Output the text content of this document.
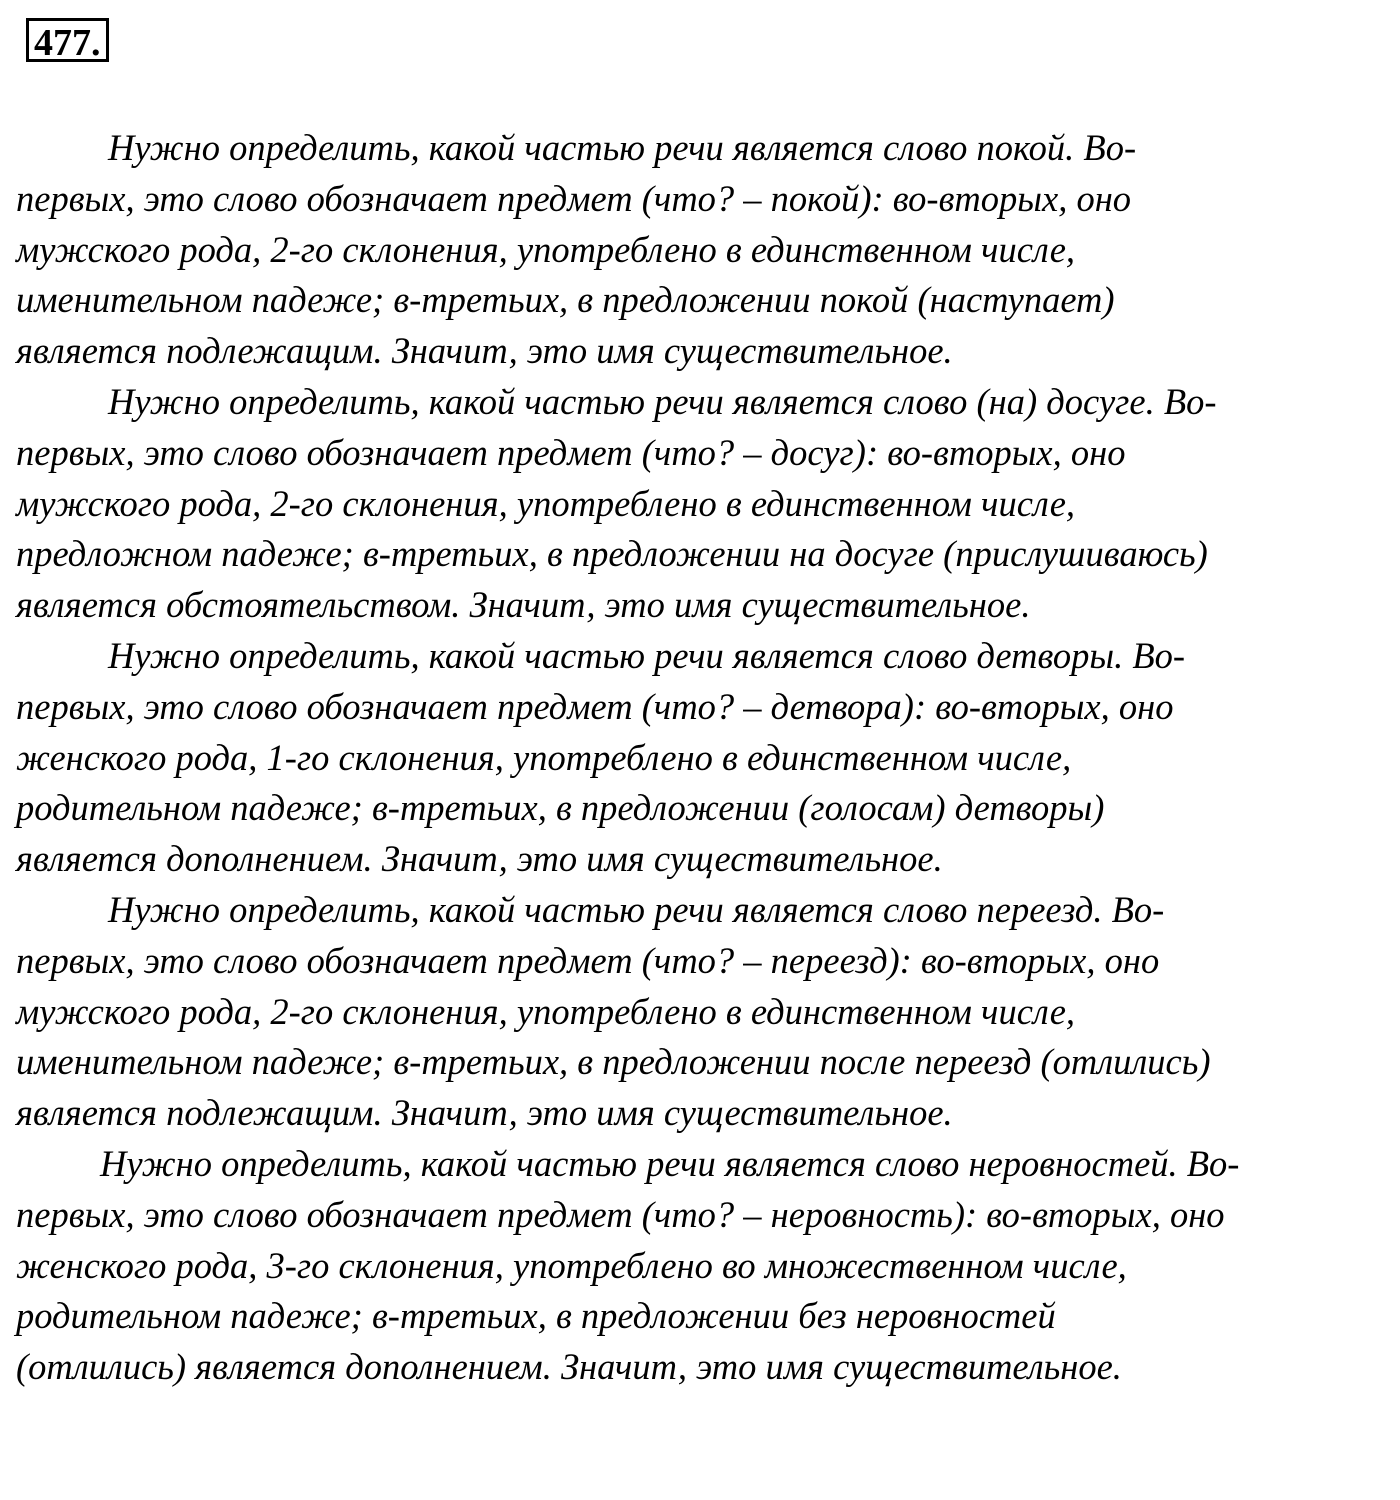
477.

Нужно определить, какой частью речи является слово покой. Во-
первых, это слово обозначает предмет (что? – покой): во-вторых, оно
мужского рода, 2-го склонения, употреблено в единственном числе,
именительном падеже; в-третьих, в предложении покой (наступает)
является подлежащим. Значит, это имя существительное.

Нужно определить, какой частью речи является слово (на) досуге. Во-
первых, это слово обозначает предмет (что? – досуг): во-вторых, оно
мужского рода, 2-го склонения, употреблено в единственном числе,
предложном падеже; в-третьих, в предложении на досуге (прислушиваюсь)
является обстоятельством. Значит, это имя существительное.

Нужно определить, какой частью речи является слово детворы. Во-
первых, это слово обозначает предмет (что? – детвора): во-вторых, оно
женского рода, 1-го склонения, употреблено в единственном числе,
родительном падеже; в-третьих, в предложении (голосам) детворы)
является дополнением. Значит, это имя существительное.

Нужно определить, какой частью речи является слово переезд. Во-
первых, это слово обозначает предмет (что? – переезд): во-вторых, оно
мужского рода, 2-го склонения, употреблено в единственном числе,
именительном падеже; в-третьих, в предложении после переезд (отлились)
является подлежащим. Значит, это имя существительное.

Нужно определить, какой частью речи является слово неровностей. Во-
первых, это слово обозначает предмет (что? – неровность): во-вторых, оно
женского рода, 3-го склонения, употреблено во множественном числе,
родительном падеже; в-третьих, в предложении без неровностей
(отлились) является дополнением. Значит, это имя существительное.
